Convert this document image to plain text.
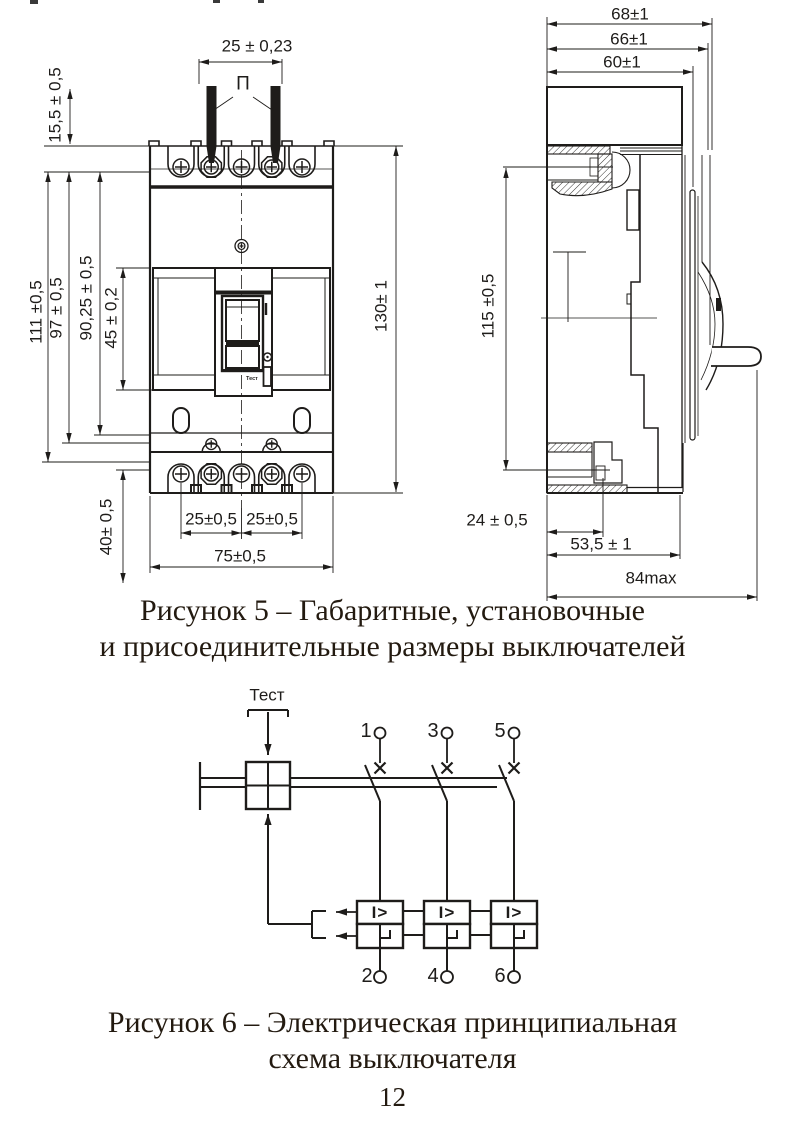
I>	I>	I>
25 ± 0,23
П
15,5 ± 0,5
111 ±0,5 97 ± 0,5 90,25 ± 0,5 45 ± 0,2
40± 0,5
130± 1
25±0,5 25±0,5
75±0,5
Тест
68±1
66±1
60±1
115 ±0,5
24 ± 0,5
53,5 ± 1
84max
Рисунок 5 – Габаритные, установочные
и присоединительные размеры выключателей
Тест
1	3	5
2	4	6
Рисунок 6 – Электрическая принципиальная
схема выключателя
12
